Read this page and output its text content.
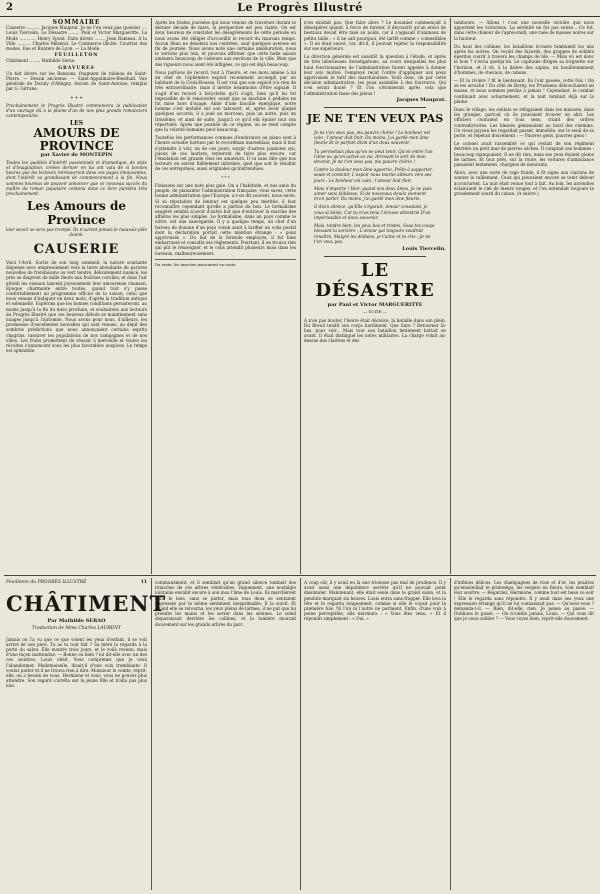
2	Le Progrès Illustré
SOMMAIRE
Causerie .......... Jacques Mauprat. Je ne t'en veux pas (poésie) .... Louis Tiercelin. Le Désastre ........ Paul et Victor Margueritte. La Mode ............ Henry Spont. Faits divers ........ Jean Rameau. A la Ville .......... Charles Mézeral. Le Commerce illicite. Courrier des modes. Ene et Bunters de Lyon. — La Mode.
FEUILLETON
Châtiment ........ Mathilde Serao.
GRAVURES
Un fait divers sur les Bannons, fragment de tableau de Saint-Pierre. — Dessin ancienne. — Saint-Appolinaire-Riesthall. Vue générale de Dozuly d'Albigny. Ancien de Saint-Antoine, remplis par G. Girrane.
✦ ✦ ✦
Prochainement le Progrès Illustré commencera la publication d'un ouvrage dû à la plume d'un de nos plus grands romanciers contemporains.
LES
AMOURS DE PROVINCE
par Xavier de MONTÉPIN
Toutes les qualités d'intérêt passionnels et dramatique, de style et d'imagination, créées dernier en lui ont valu de si bonnes heures que les lecteurs retrouveront dans ces pages émouvantes, dont l'intérêt va grandissant de commencement à la fin. Nous sommes heureux de pouvoir annoncer que ce nouveau succès du maître du roman populaire contenu dans ce livre paraîtra très prochainement.
Les Amours de Province
leur savoir se sera pas trompé. Ils n'auront jamais le mauvais pôle donné.
CAUSERIE
Voici l'Avril. Sortie de son long sommeil, la nature souriante dispense avec empressement vers la terre abondante de parures nouvelles de frondaisons au vert tendre, délicatement nuancé, les prés se diaprent de mille fleurs aux fraîches corolles, et dans l'air attiédi les oiseaux lancent joyeusement leur amoureuse chanson. Époque charmante entre toutes, quand tout s'y passe confortablement au programme officiel de la saison, celui que nous venons d'indiquer en deux mots, d'après la tradition antique et solennelle. Espérons que les bonnes conditions persisteront, au moins jusqu'à la fin du mois prochain, et souhaitons aux lecteurs du Progrès Illustré que ces heureux débuts se maintiennent sans nuages jusqu'à l'automne. Nous avons pour nous, d'ailleurs, les promesses d'excellentes nouvelles qui sont venues, au dépit des sombres prédictions que nous annonçaient certains esprits chagrins, rassurer les populations de nos campagnes et de nos villes. Les fruits promettent de réussir à merveille et toutes les récoltes s'annoncent sous les plus favorables auspices. Le temps est splendide.
Après les tristes journées qui nous venons de traverser durant le dernier décade de mars, la perspective est peu riante. On est donc heureux de constater les désagréments de cette période où nous avons été obligés d'accueillir le record du mauvais temps. Aucun fléau ne désolera nos contrées, sauf quelques averses en fin de journée. Nous avons noté une certaine amélioration, nous le verrons plus loin, et pouvons affirmer que cette belle saison amènera beaucoup de visiteurs aux environs de la ville. Bien que des rigueurs nous aient été infligées, ce qui est déjà beaucoup.
Nous parlions de record, tout à l'heure, et ces mots amène à lui en chef de l'éphémère exploit récemment accompli par un habitant de la Croix-Rousse. Il est vrai que son exploit n'a rien de très extraordinaire, mais il mérite néanmoins d'être signalé. Il s'agit d'un record à bicyclette qu'il s'agit, bien qu'il lui fut impossible de le renouveler, avant que sa machine à pédales ne fut mise hors d'usage. Aimé d'une faucille énergique, notre homme s'est installé sur son tabouret, et, après avoir plaqué quelques accords, il a joué un morceau, puis un autre, puis un troisième, et ainsi de suite, jusqu'à ce qu'il eût épuisé tout son répertoire. Après une journée de ce régime, on se rend compte que la volonté humaine peut beaucoup.
Toutefois les performances connues d'endurance au piano sont à l'heure actuelle battues par le recordman marseillais; mais il faut s'attendre à voir, un de ces jours, surgir d'autres pianistes qui, jaloux de ces lauriers, tenteront de faire plus encore, car l'émulation est grande chez les amateurs. Il va sans dire que nos lecteurs en seront fidèlement informés, quel que soit le résultat de ces entreprises, aussi originales qu'inattendues.
* * *
Finissons sur une note plus gaie. On a l'habitude, et nos amis du peuple, de plaisanter l'administration française, vous savez, cette bonne administration que l'Europe, a-t-on dit souvent, nous envie. Si sa réputation de lenteur est quelque peu méritée, il faut reconnaître cependant qu'elle a parfois du bon. Le formalisme exagéré sembla n'avoir d'autre but que d'entraver la marche des affaires les plus simples. Le formalisme, dans un pays comme le nôtre, est une sauvegarde. Il y a quelque temps, un chef d'un bureau de douane d'un pays voisin avait à tarifier un colis postal dont la déclaration portait cette mention étrange : « poux apprivoisés ». Du fait de la formule employée, il fut bien embarrassé et consulta ses règlements. Pourtant, il ne trouva rien qui pût le renseigner, et le colis attendit plusieurs mois dans les bureaux, malheureusement.
Du reste, les insectes moururent en route.
n'en existait pas. Que faire alors ? Le douanier commençait à désespérer quand, à force de fureter, il découvrit qu'un envoi de bestiaux devait être taxé au poids, car il s'agissait d'animaux de petite taille : « il ne sait pourquoi, été tarifé comme « comestibles ». Il en était sauvé, car, dit-il, il pouvait rejeter la responsabilité sur ses supérieurs.
La direction générale est aussitôt la question à l'étude, et après de très laborieuses investigations, au cours desquelles les plus haut fonctionnaires de l'administration furent appelés à donner leur avis motivé, l'employé reçut l'ordre d'appliquer aux poux apprivoisés le tarif des marchandises. Voilà donc, de par cette décision administrative, les poux assimilés à des fourrures. Qui s'en serait douté ? Et l'on s'étonnerait après cela que l'administration fasse des jaloux !
Jacques Mauprat.
JE NE T'EN VEUX PAS
Je ne t'en veux pas, ma pauvre chérie ! Le bonheur est vain ; l'amour doit finir, Du moins, j'ai gardé mon âme fleurie Et le parfum divin d'un doux souvenir.
Tu permettais plus qu'on ne peut tenir. Qu'on entre l'un l'âme ou qu'on active sa vie, Arrosant le sort de mon devenir, Je ne t'en veux pas, ma pauvre chérie !
Contre la douleur mon âme aguerrie, Prête à supporter, seule et contenir, L'espoir nous tourne ailleurs vers ses jours : Le bonheur est vain ; l'amour doit finir.
Mais n'importe ! Hier, quand nos deux âmes, Je ne puis aimer sans faiblesse, Si de nouveaux deuils viennent m'en parler, Du moins, j'ai gardé mon âme fleurie.
O divin silence, qu'Elle s'égarait, Amour consolant, je vous ai bénis, Car tu m'as tenu l'ivresse attendrie D'un impérissable et doux souvenir.
Mais, tendre bien, les yeux bas et tristes, Sous tes coups blessant la sorcière ; L'amour gai toujours voudrait renaître, Malgré les dédains, je t'aime et te crie : Je ne t'en veux pas.
Louis Tiercelin.
LE DÉSASTRE
par Paul et Victor MARGUERITTE
— SUITE —
A n'en pas douter, l'heure était décisive, la bataille dans son plein. Du Breuil tendit son corps hardiment. Que faire ? Retourner là-bas, pour voir... Mais tout son bataillon lentement battait en avant. Il était distingué les notes militaires. La charge volait au-dessus des clairons et des
tambours. — Allons ! c'est une nouvelle victoire que nous apportent les victorieux. La sérénité ne fut pas suivie... Ce fut, dans cette chaleur de l'après-midi, une ruée de masses noires sur la hauteur.
Du haut des collines, les bataillons écrasés tombaient les uns après les autres. On voyait des fuyards, des grappes de soldats éperdus courir à travers les champs de blé. — Mais où est donc le bois ? s'écria quelqu'un. Le capitaine dirigea sa lorgnette sur l'horizon, et il vit, à la lisière des sapins, un bouillonnement d'hommes, de chevaux, de canons.
— Et la rivière ? fit le lieutenant. Ils l'ont passée, cette fois ! On se les arrache ! Du côté de Borny, les Prussiens débouchaient en masse, et nous sommes perdus à jamais ! Cependant, le combat continuait avec acharnement, et la nuit tombait déjà sur la plaine.
Dans le village, les soldats se réfugiaient dans les maisons, dans les granges, partout où ils pouvaient trouver un abri. Les officiers couraient en tous sens, criant des ordres contradictoires. Les blessés gémissaient au bord des chemins. Un vieux paysan les regardait passer, immobile, sur le seuil de sa porte, et répétait doucement : — Pauvres gens, pauvres gens !
Le colonel avait rassemblé ce qui restait de son régiment derrière un petit mur de pierres sèches. Il comptait ses hommes : beaucoup manquaient. Il ne dit rien, mais ses yeux étaient pleins de larmes. Et tout près, sur la route, les voitures d'ambulance passaient lentement, chargées de mourants.
Alors, avec une sorte de rage froide, il fit signe aux clairons de sonner le ralliement. Ceux qui pouvaient encore se tenir debout accoururent. La nuit était venue tout à fait. Au loin, les incendies éclairaient le ciel de lueurs rouges, et l'on entendait toujours le grondement sourd du canon. (A suivre.)
Feuilleton du PROGRÈS ILLUSTRÉ	11
CHÂTIMENT
Par Mathilde SERAO
Traduction de Mme Charles LAURENT
Jamais on l'a vu que ce que voient les yeux d'enfant, il se voit arrivé de son père. Tu as tu tout fait ? Sa mère la regarda à la porte du salon. Elle montre trois jours, et le voilà revenu, mais d'une façon inattendue. — Bonne ou bien ? lui dit-elle avec un des ces sourires. Louis obéit. Vous comprenez que je veux l'abandonner, Mademoiselle, disait-il d'une voix tremblante. Il voulut parler et il ne trouva rien à dire. Monsieur le comte, reprit-elle, on a besoin de vous. Hermione et vous, vous ne pouvez plus attendre. Son regard s'arrêta sur la jeune fille et n'alla pas plus loin.
communément, et il semblait qu'un grand silence tombait des branches de ces arbres vénérables. Vaguement, une nostalgie lointaine envahit encore à son insu l'âme de Louis. Ils marchèrent dans le bois, sans se parler, mais tous deux se sentaient oppressés par le même sentiment inexprimable. Il la suivit. Et quand elle se retourna, les yeux pleins de larmes, il ne put que lui prendre les mains et les serrer dans les siennes. Le soleil disparaissait derrière les collines, et la lumière mourait doucement sur les grands arbres du parc.
A coup sûr, il y avait eu là une tristesse pas mal de prudence. Il y avait aussi une impatience secrète qu'il ne pouvait point dissimuler. Maintenant, elle était seule dans le grand salon, et la pendule marquait six heures. Louis entra sans frapper. Elle leva la tête et le regarda longuement, comme si elle le voyait pour la première fois. Ni l'un ni l'autre ne parlaient. Enfin, d'une voix à peine perceptible, elle murmura : « Vous êtes venu. » Et il répondit simplement : « Oui. »
d'infinies délices. Les champagnes de rose et d'or, les prairies qu'ensoleillait le printemps, les vergers en fleurs, tout semblait leur sourire. — Regardez, Hermione, comme tout est beau ce soir ! Elle le regarda sans répondre. Il y avait dans ses yeux une expression étrange qu'il ne lui connaissait pas. — Qu'avez-vous ? demanda-t-il. — Rien, dit-elle, rien. Je pense au passé. — Oublions le passé. — On n'oublie jamais, Louis. — Qui vous dit que je veux oublier ? — Vous voyez bien, reprit-elle doucement.
